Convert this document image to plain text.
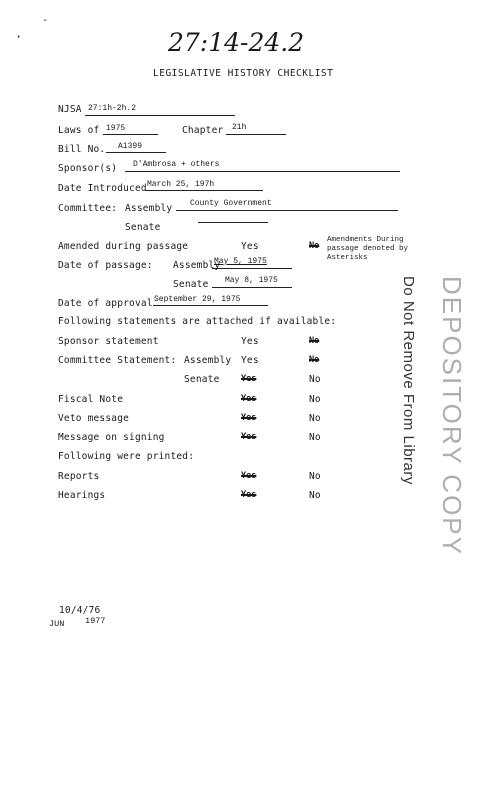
·
-
27:14-24.2
LEGISLATIVE HISTORY CHECKLIST
NJSA 27:1h-2h.2
Laws of 1975	Chapter 21h
Bill No. A1399
Sponsor(s) D'Ambrosa + others
Date Introduced March 25, 197h
Committee: Assembly County Government
Senate
Amended during passage	Yes	No
Amendments During
passage denoted by
Asterisks
Date of passage: Assembly
May 5, 1975
Senate May 8, 1975
Date of approval September 29, 1975
Following statements are attached if available:
Sponsor statement	Yes	No
Committee Statement: Assembly Yes	No
Senate	Yes	No
Fiscal Note	Yes	No
Veto message	Yes	No
Message on signing	Yes	No
Following were printed:
Reports	Yes	No
Hearings	Yes	No
10/4/76
JUN 1977
DEPOSITORY COPY
Do Not Remove From Library
